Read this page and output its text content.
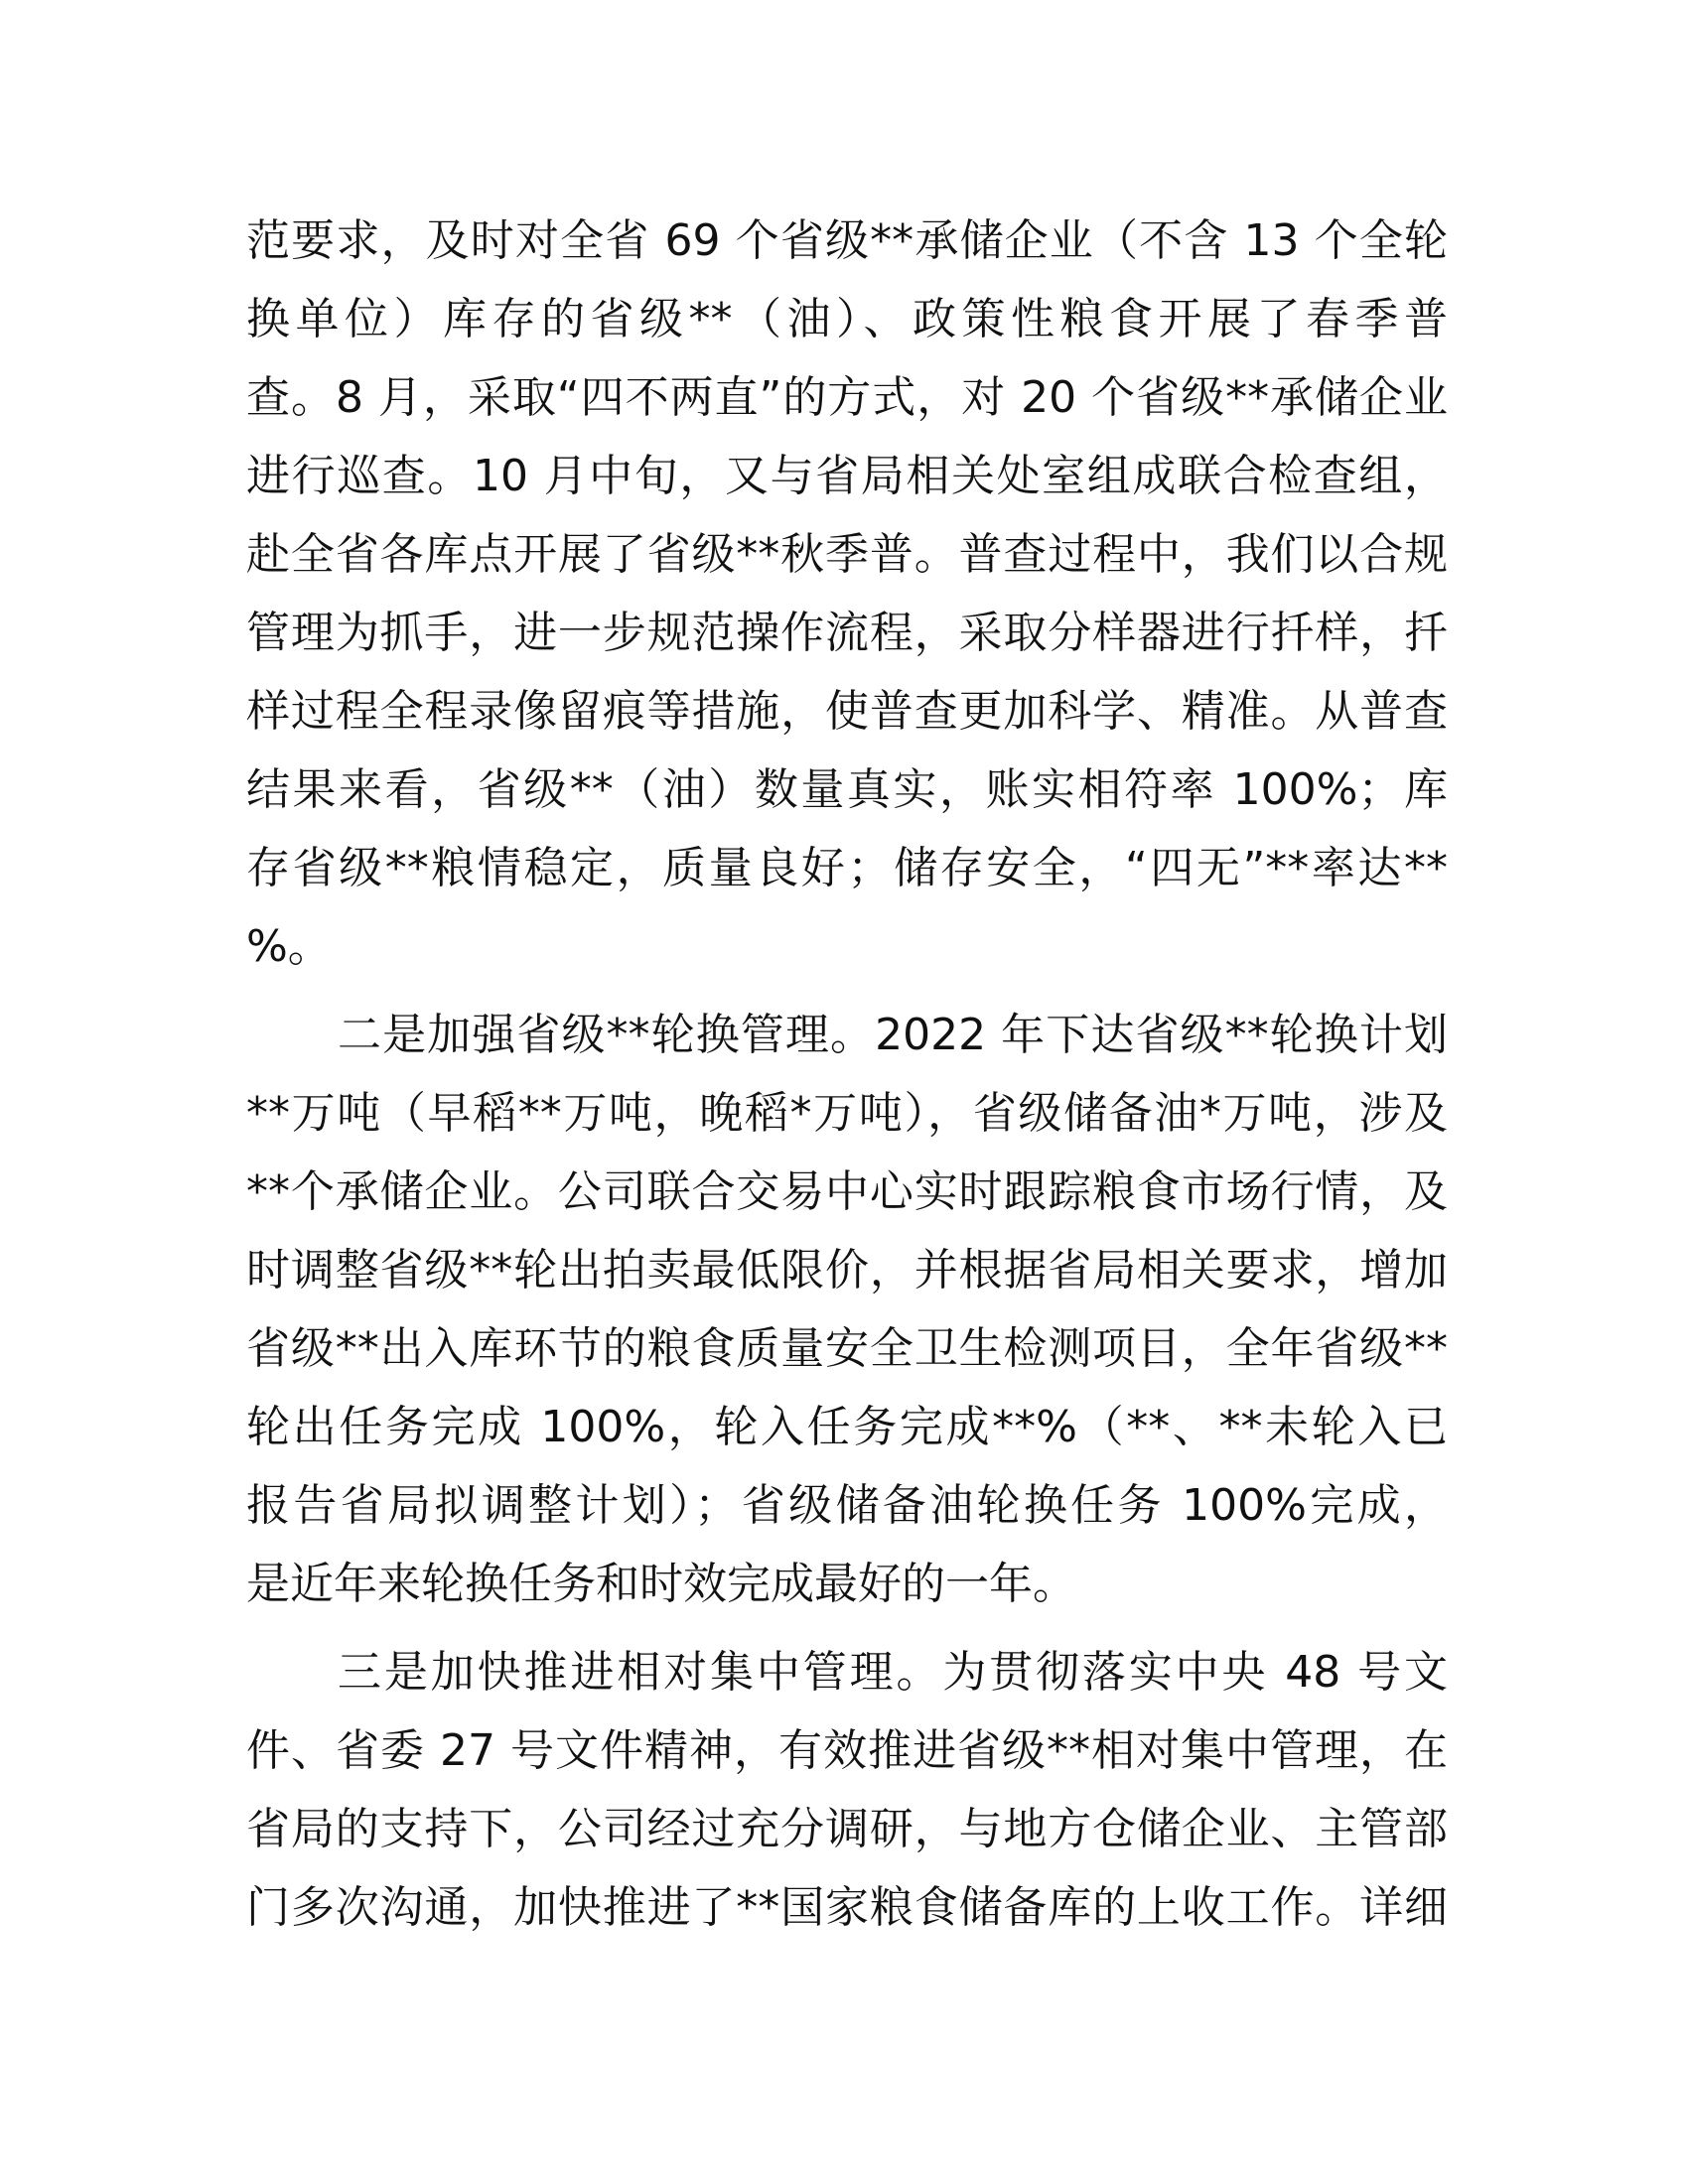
范要求，及时对全省 69 个省级**承储企业（不含 13 个全轮
换单位）库存的省级**（油）、政策性粮食开展了春季普
查。8 月，采取“四不两直”的方式，对 20 个省级**承储企业
进行巡查。10 月中旬，又与省局相关处室组成联合检查组，
赴全省各库点开展了省级**秋季普。普查过程中，我们以合规
管理为抓手，进一步规范操作流程，采取分样器进行扦样，扦
样过程全程录像留痕等措施，使普查更加科学、精准。从普查
结果来看，省级**（油）数量真实，账实相符率 100%；库
存省级**粮情稳定，质量良好；储存安全，“四无”**率达**
%。
二是加强省级**轮换管理。2022 年下达省级**轮换计划
**万吨（早稻**万吨，晚稻*万吨），省级储备油*万吨，涉及
**个承储企业。公司联合交易中心实时跟踪粮食市场行情，及
时调整省级**轮出拍卖最低限价，并根据省局相关要求，增加
省级**出入库环节的粮食质量安全卫生检测项目，全年省级**
轮出任务完成 100%，轮入任务完成**%（**、**未轮入已
报告省局拟调整计划）；省级储备油轮换任务 100%完成，
是近年来轮换任务和时效完成最好的一年。
三是加快推进相对集中管理。为贯彻落实中央 48 号文
件、省委 27 号文件精神，有效推进省级**相对集中管理，在
省局的支持下，公司经过充分调研，与地方仓储企业、主管部
门多次沟通，加快推进了**国家粮食储备库的上收工作。详细
